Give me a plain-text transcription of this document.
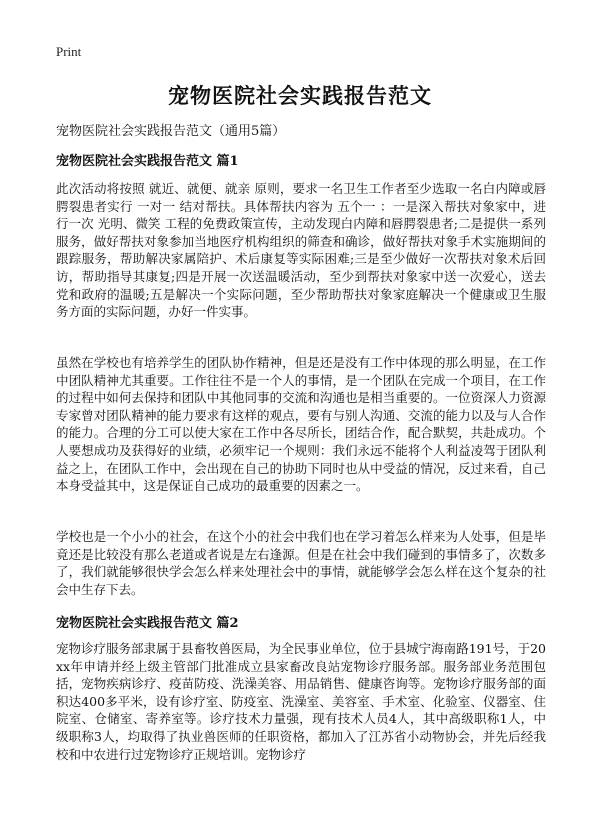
Print
宠物医院社会实践报告范文
宠物医院社会实践报告范文（通用5篇）
宠物医院社会实践报告范文 篇1

此次活动将按照 就近、就便、就亲 原则，要求一名卫生工作者至少选取一名白内障或唇腭裂患者实行 一对一 结对帮扶。具体帮扶内容为 五个一 ：一是深入帮扶对象家中，进行一次 光明、微笑 工程的免费政策宣传，主动发现白内障和唇腭裂患者;二是提供一系列服务，做好帮扶对象参加当地医疗机构组织的筛查和确诊，做好帮扶对象手术实施期间的跟踪服务，帮助解决家属陪护、术后康复等实际困难;三是至少做好一次帮扶对象术后回访，帮助指导其康复;四是开展一次送温暖活动，至少到帮扶对象家中送一次爱心，送去党和政府的温暖;五是解决一个实际问题，至少帮助帮扶对象家庭解决一个健康或卫生服务方面的实际问题，办好一件实事。

虽然在学校也有培养学生的团队协作精神，但是还是没有工作中体现的那么明显，在工作中团队精神尤其重要。工作往往不是一个人的事情，是一个团队在完成一个项目，在工作的过程中如何去保持和团队中其他同事的交流和沟通也是相当重要的。一位资深人力资源专家曾对团队精神的能力要求有这样的观点，要有与别人沟通、交流的能力以及与人合作的能力。合理的分工可以使大家在工作中各尽所长，团结合作，配合默契，共赴成功。个人要想成功及获得好的业绩，必须牢记一个规则：我们永远不能将个人利益凌驾于团队利益之上，在团队工作中，会出现在自己的协助下同时也从中受益的情况，反过来看，自己本身受益其中，这是保证自己成功的最重要的因素之一。

学校也是一个小小的社会，在这个小的社会中我们也在学习着怎么样来为人处事，但是毕竟还是比较没有那么老道或者说是左右逢源。但是在社会中我们碰到的事情多了，次数多了，我们就能够很快学会怎么样来处理社会中的事情，就能够学会怎么样在这个复杂的社会中生存下去。

宠物医院社会实践报告范文 篇2

宠物诊疗服务部隶属于县畜牧兽医局，为全民事业单位，位于县城宁海南路191号，于20xx年申请并经上级主管部门批准成立县家畜改良站宠物诊疗服务部。服务部业务范围包括，宠物疾病诊疗、疫苗防疫、洗澡美容、用品销售、健康咨询等。宠物诊疗服务部的面积达400多平米，设有诊疗室、防疫室、洗澡室、美容室、手术室、化验室、仪器室、住院室、仓储室、寄养室等。诊疗技术力量强，现有技术人员4人，其中高级职称1人，中级职称3人，均取得了执业兽医师的任职资格，都加入了江苏省小动物协会，并先后经我校和中农进行过宠物诊疗正规培训。宠物诊疗
